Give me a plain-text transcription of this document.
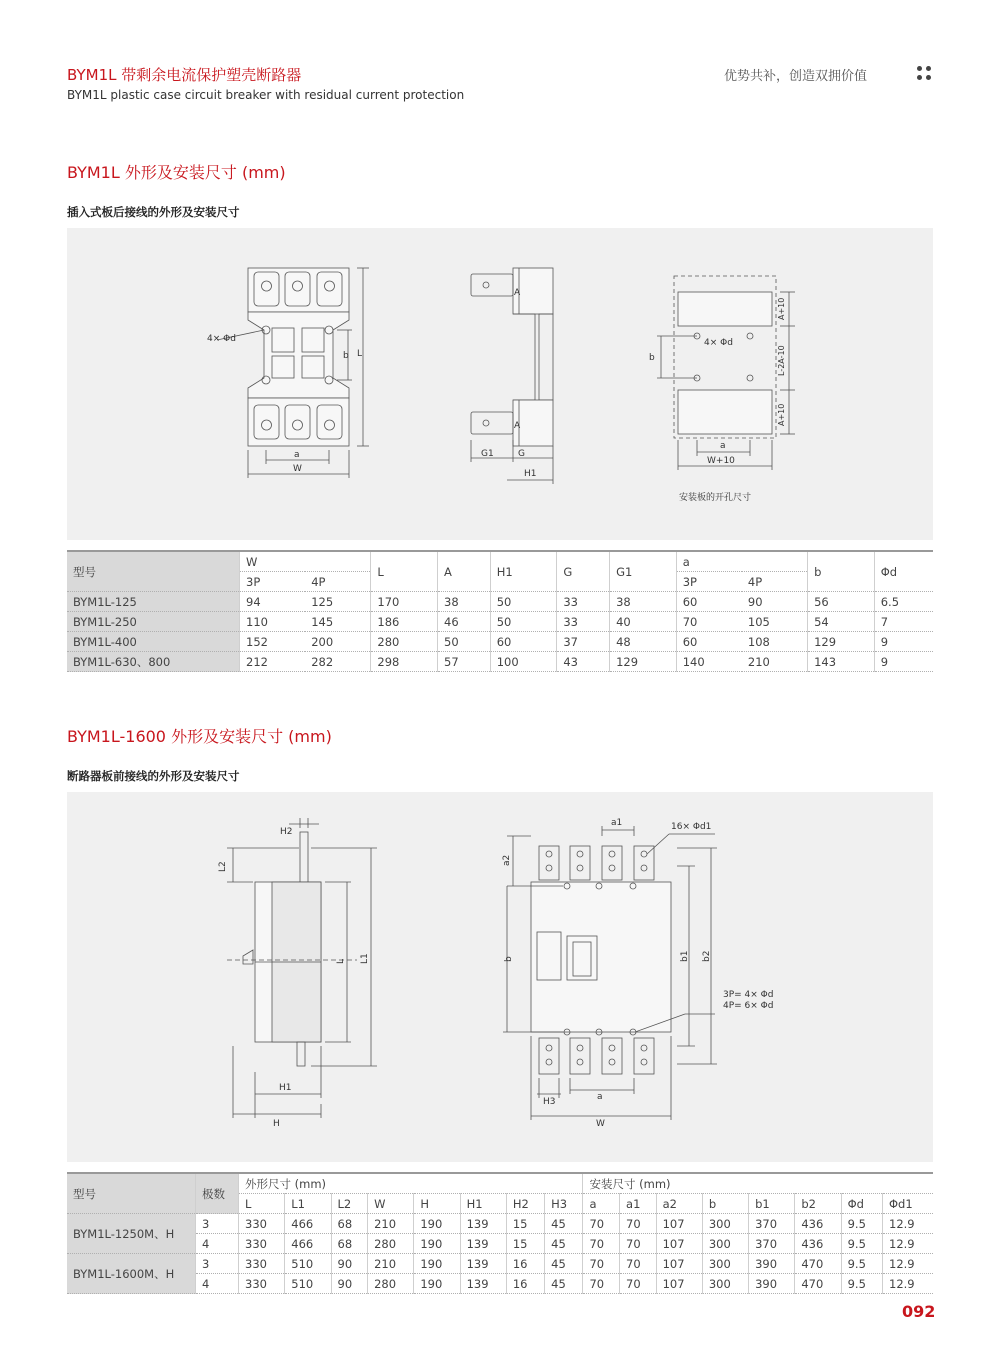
BYM1L 带剩余电流保护塑壳断路器
BYM1L plastic case circuit breaker with residual current protection
优势共补，创造双拥价值
BYM1L 外形及安装尺寸 (mm)
插入式板后接线的外形及安装尺寸
4× Φd
a
W
b L
A
A
G1	G
H1
4× Φd
b
a
W+10
A+10
L-2A-10
A+10
安装板的开孔尺寸
型号	W		L	A	H1	G	G1	a		b	Φd
	3P	4P						3P	4P		
BYM1L-125	94	125	170	38	50	33	38	60	90	56	6.5
BYM1L-250	110	145	186	46	50	33	40	70	105	54	7
BYM1L-400	152	200	280	50	60	37	48	60	108	129	9
BYM1L-630、800	212	282	298	57	100	43	129	140	210	143	9
BYM1L-1600 外形及安装尺寸 (mm)
断路器板前接线的外形及安装尺寸
H2
L2
L L1
H1
H
a1	16× Φd1
a2
b	b1 b2
3P= 4× Φd
4P= 6× Φd
H3	a
W
型号	极数	外形尺寸 (mm)								安装尺寸 (mm)							
		L	L1	L2	W	H	H1	H2	H3	a	a1	a2	b	b1	b2	Φd	Φd1
BYM1L-1250M、H	3	330	466	68	210	190	139	15	45	70	70	107	300	370	436	9.5	12.9
	4	330	466	68	280	190	139	15	45	70	70	107	300	370	436	9.5	12.9
BYM1L-1600M、H	3	330	510	90	210	190	139	16	45	70	70	107	300	390	470	9.5	12.9
	4	330	510	90	280	190	139	16	45	70	70	107	300	390	470	9.5	12.9
092
